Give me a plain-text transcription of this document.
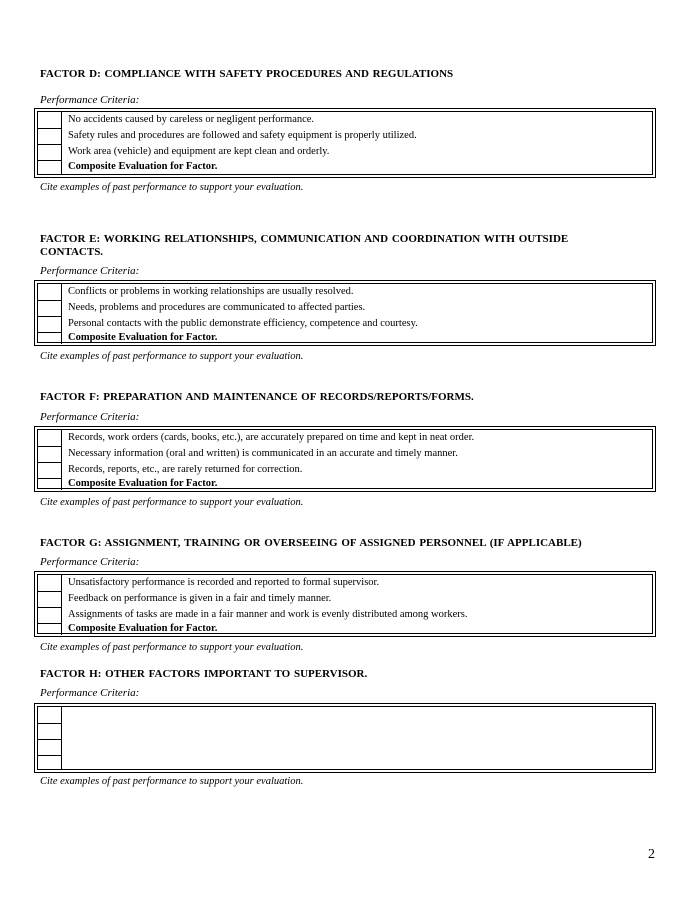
FACTOR D: COMPLIANCE WITH SAFETY PROCEDURES AND REGULATIONS

Performance Criteria:
No accidents caused by careless or negligent performance.
Safety rules and procedures are followed and safety equipment is properly utilized.
Work area (vehicle) and equipment are kept clean and orderly.
Composite Evaluation for Factor.
Cite examples of past performance to support your evaluation.

FACTOR E: WORKING RELATIONSHIPS, COMMUNICATION AND COORDINATION WITH OUTSIDE

CONTACTS.

Performance Criteria:
Conflicts or problems in working relationships are usually resolved.
Needs, problems and procedures are communicated to affected parties.
Personal contacts with the public demonstrate efficiency, competence and courtesy.
Composite Evaluation for Factor.
Cite examples of past performance to support your evaluation.

FACTOR F: PREPARATION AND MAINTENANCE OF RECORDS/REPORTS/FORMS.

Performance Criteria:
Records, work orders (cards, books, etc.), are accurately prepared on time and kept in neat order.
Necessary information (oral and written) is communicated in an accurate and timely manner.
Records, reports, etc., are rarely returned for correction.
Composite Evaluation for Factor.
Cite examples of past performance to support your evaluation.

FACTOR G: ASSIGNMENT, TRAINING OR OVERSEEING OF ASSIGNED PERSONNEL (IF APPLICABLE)

Performance Criteria:
Unsatisfactory performance is recorded and reported to formal supervisor.
Feedback on performance is given in a fair and timely manner.
Assignments of tasks are made in a fair manner and work is evenly distributed among workers.
Composite Evaluation for Factor.
Cite examples of past performance to support your evaluation.

FACTOR H: OTHER FACTORS IMPORTANT TO SUPERVISOR.

Performance Criteria:
Cite examples of past performance to support your evaluation.
2
